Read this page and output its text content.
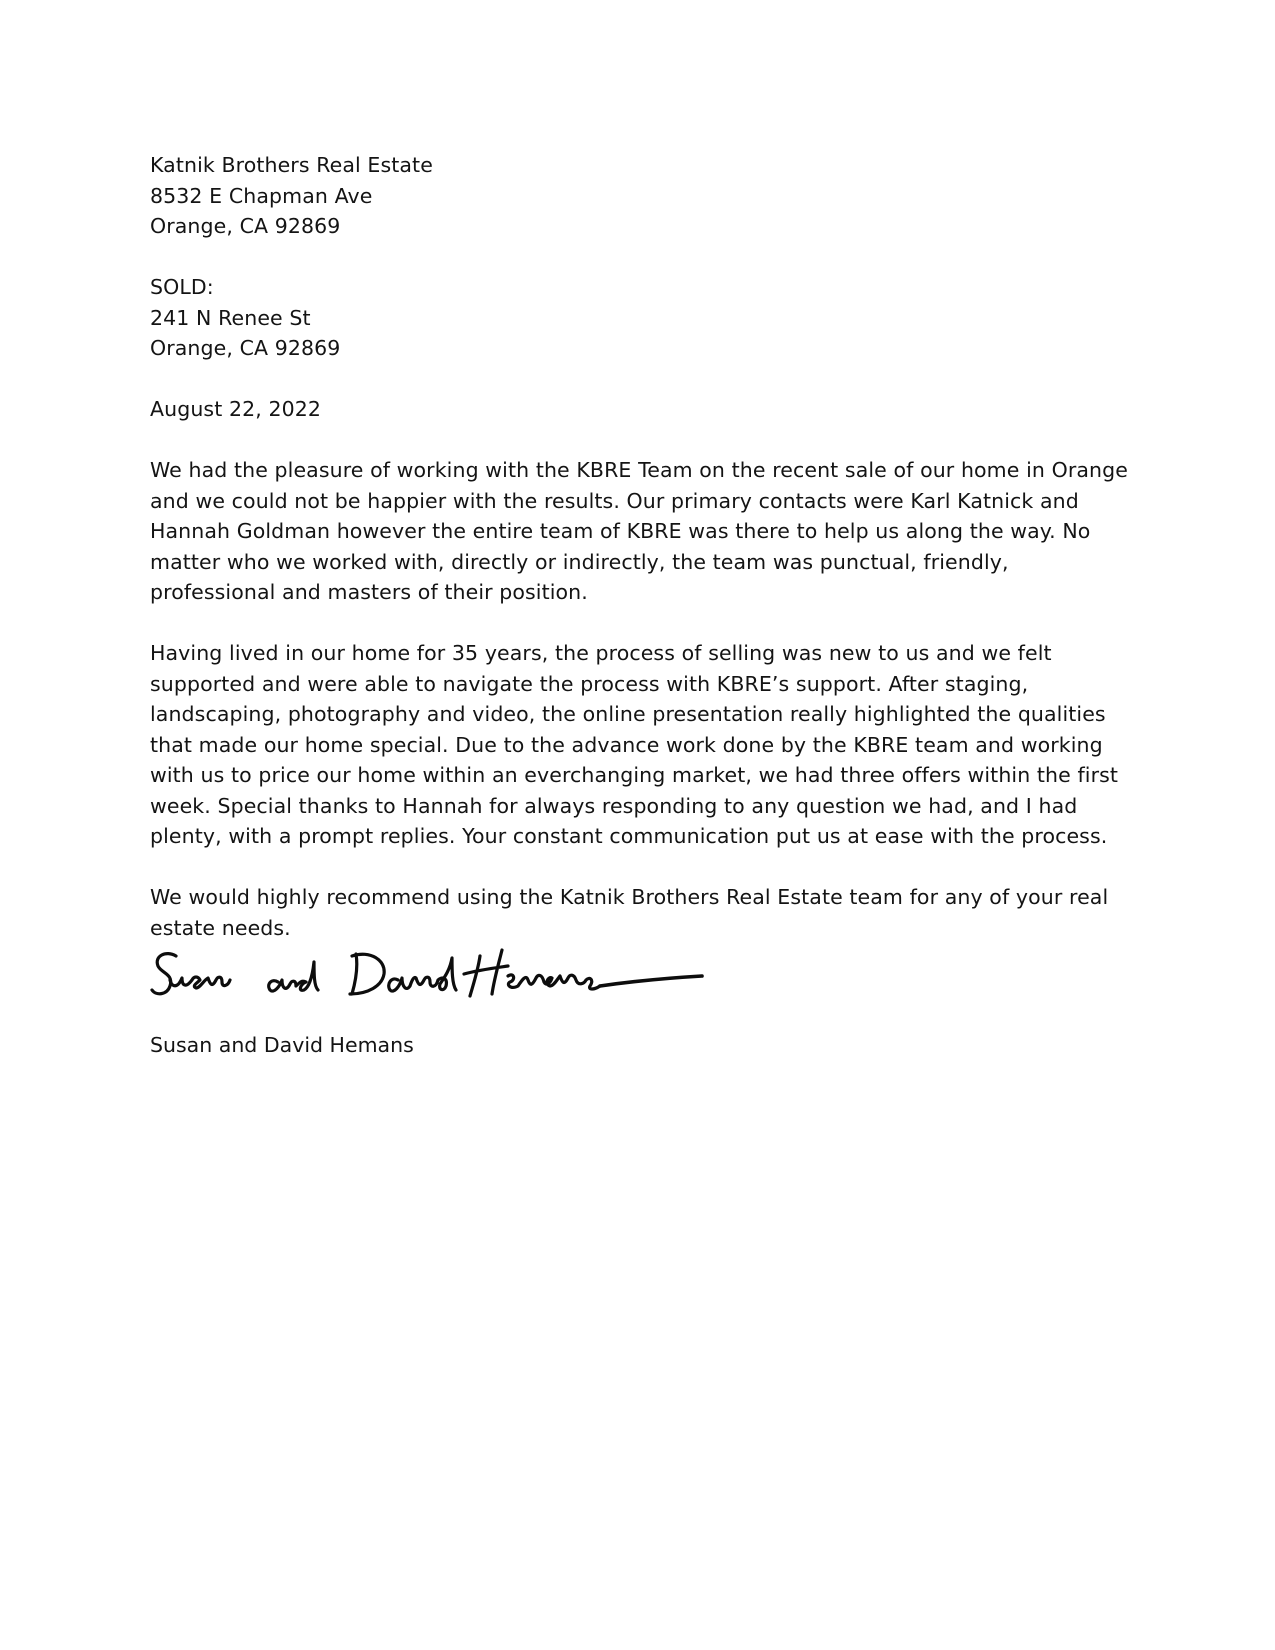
Katnik Brothers Real Estate
8532 E Chapman Ave
Orange, CA 92869
SOLD:
241 N Renee St
Orange, CA 92869
August 22, 2022
We had the pleasure of working with the KBRE Team on the recent sale of our home in Orange
and we could not be happier with the results. Our primary contacts were Karl Katnick and
Hannah Goldman however the entire team of KBRE was there to help us along the way. No
matter who we worked with, directly or indirectly, the team was punctual, friendly,
professional and masters of their position.
Having lived in our home for 35 years, the process of selling was new to us and we felt
supported and were able to navigate the process with KBRE’s support. After staging,
landscaping, photography and video, the online presentation really highlighted the qualities
that made our home special. Due to the advance work done by the KBRE team and working
with us to price our home within an everchanging market, we had three offers within the first
week. Special thanks to Hannah for always responding to any question we had, and I had
plenty, with a prompt replies. Your constant communication put us at ease with the process.
We would highly recommend using the Katnik Brothers Real Estate team for any of your real
estate needs.
Susan and David Hemans
